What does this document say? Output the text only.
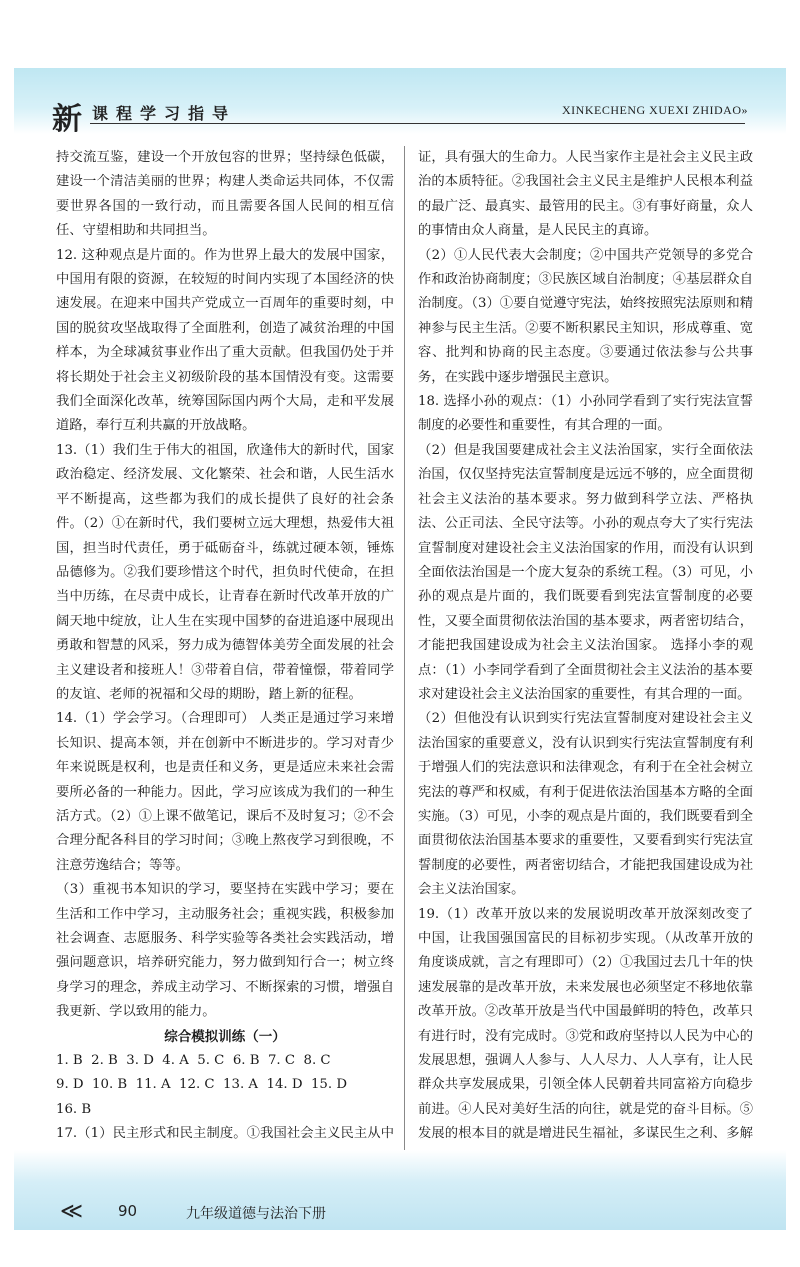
新 课程学习指导	XINKECHENG XUEXI ZHIDAO»

持交流互鉴，建设一个开放包容的世界；坚持绿色低碳，建设一个清洁美丽的世界；构建人类命运共同体，不仅需要世界各国的一致行动，而且需要各国人民间的相互信任、守望相助和共同担当。

12. 这种观点是片面的。作为世界上最大的发展中国家，中国用有限的资源，在较短的时间内实现了本国经济的快速发展。在迎来中国共产党成立一百周年的重要时刻，中国的脱贫攻坚战取得了全面胜利，创造了减贫治理的中国样本，为全球减贫事业作出了重大贡献。但我国仍处于并将长期处于社会主义初级阶段的基本国情没有变。这需要我们全面深化改革，统筹国际国内两个大局，走和平发展道路，奉行互利共赢的开放战略。

13.（1）我们生于伟大的祖国，欣逢伟大的新时代，国家政治稳定、经济发展、文化繁荣、社会和谐，人民生活水平不断提高，这些都为我们的成长提供了良好的社会条件。（2）①在新时代，我们要树立远大理想，热爱伟大祖国，担当时代责任，勇于砥砺奋斗，练就过硬本领，锤炼品德修为。②我们要珍惜这个时代，担负时代使命，在担当中历练，在尽责中成长，让青春在新时代改革开放的广阔天地中绽放，让人生在实现中国梦的奋进追逐中展现出勇敢和智慧的风采，努力成为德智体美劳全面发展的社会主义建设者和接班人！③带着自信，带着憧憬，带着同学的友谊、老师的祝福和父母的期盼，踏上新的征程。

14.（1）学会学习。（合理即可） 人类正是通过学习来增长知识、提高本领，并在创新中不断进步的。学习对青少年来说既是权利，也是责任和义务，更是适应未来社会需要所必备的一种能力。因此，学习应该成为我们的一种生活方式。（2）①上课不做笔记，课后不及时复习；②不会合理分配各科目的学习时间；③晚上熬夜学习到很晚，不注意劳逸结合；等等。

（3）重视书本知识的学习，要坚持在实践中学习；要在生活和工作中学习，主动服务社会；重视实践，积极参加社会调查、志愿服务、科学实验等各类社会实践活动，增强问题意识，培养研究能力，努力做到知行合一；树立终身学习的理念，养成主动学习、不断探索的习惯，增强自我更新、学以致用的能力。

综合模拟训练（一）

1. B  2. B  3. D  4. A  5. C  6. B  7. C  8. C

9. D  10. B  11. A  12. C  13. A  14. D  15. D

16. B

17.（1）民主形式和民主制度。①我国社会主义民主从中

证，具有强大的生命力。人民当家作主是社会主义民主政治的本质特征。②我国社会主义民主是维护人民根本利益的最广泛、最真实、最管用的民主。③有事好商量，众人的事情由众人商量，是人民民主的真谛。

（2）①人民代表大会制度；②中国共产党领导的多党合作和政治协商制度；③民族区域自治制度；④基层群众自治制度。（3）①要自觉遵守宪法，始终按照宪法原则和精神参与民主生活。②要不断积累民主知识，形成尊重、宽容、批判和协商的民主态度。③要通过依法参与公共事务，在实践中逐步增强民主意识。

18. 选择小孙的观点：（1）小孙同学看到了实行宪法宣誓制度的必要性和重要性，有其合理的一面。

（2）但是我国要建成社会主义法治国家，实行全面依法治国，仅仅坚持宪法宣誓制度是远远不够的，应全面贯彻社会主义法治的基本要求。努力做到科学立法、严格执法、公正司法、全民守法等。小孙的观点夸大了实行宪法宣誓制度对建设社会主义法治国家的作用，而没有认识到全面依法治国是一个庞大复杂的系统工程。（3）可见，小孙的观点是片面的，我们既要看到宪法宣誓制度的必要性，又要全面贯彻依法治国的基本要求，两者密切结合，才能把我国建设成为社会主义法治国家。 选择小李的观点：（1）小李同学看到了全面贯彻社会主义法治的基本要求对建设社会主义法治国家的重要性，有其合理的一面。

（2）但他没有认识到实行宪法宣誓制度对建设社会主义法治国家的重要意义，没有认识到实行宪法宣誓制度有利于增强人们的宪法意识和法律观念，有利于在全社会树立宪法的尊严和权威，有利于促进依法治国基本方略的全面实施。（3）可见，小李的观点是片面的，我们既要看到全面贯彻依法治国基本要求的重要性，又要看到实行宪法宣誓制度的必要性，两者密切结合，才能把我国建设成为社会主义法治国家。

19.（1）改革开放以来的发展说明改革开放深刻改变了中国，让我国强国富民的目标初步实现。（从改革开放的角度谈成就，言之有理即可）（2）①我国过去几十年的快速发展靠的是改革开放，未来发展也必须坚定不移地依靠改革开放。②改革开放是当代中国最鲜明的特色，改革只有进行时，没有完成时。③党和政府坚持以人民为中心的发展思想，强调人人参与、人人尽力、人人享有，让人民群众共享发展成果，引领全体人民朝着共同富裕方向稳步前进。④人民对美好生活的向往，就是党的奋斗目标。⑤发展的根本目的就是增进民生福祉，多谋民生之利、多解

≪ 90	九年级道德与法治下册
